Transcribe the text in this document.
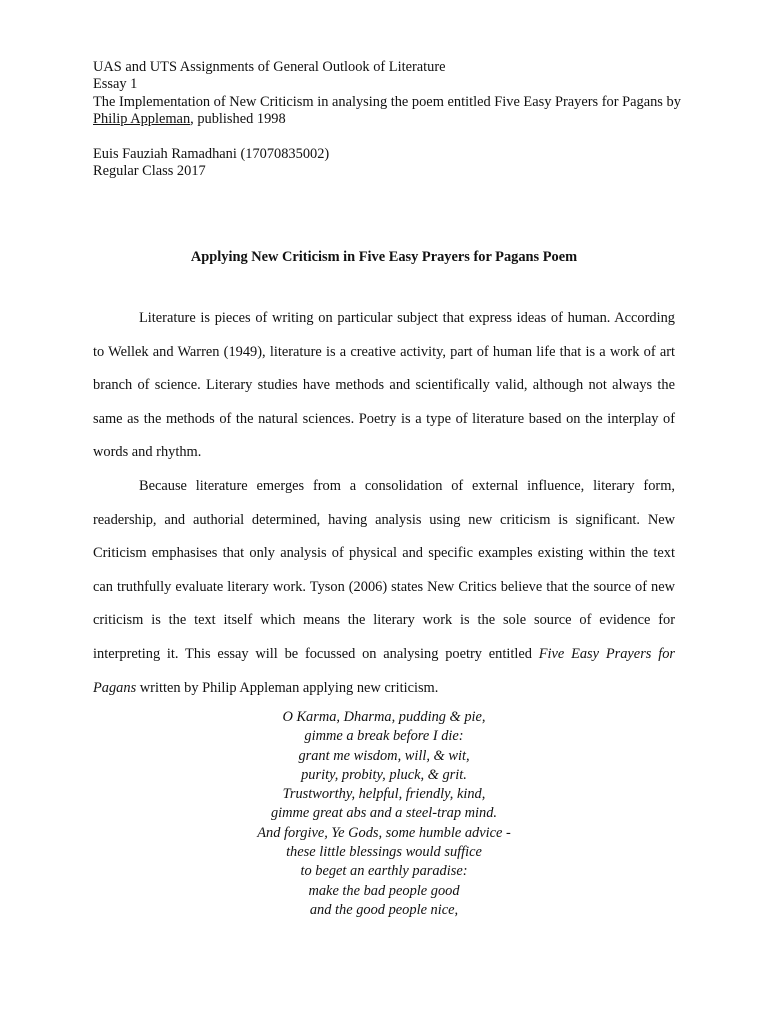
UAS and UTS Assignments of General Outlook of Literature

Essay 1

The Implementation of New Criticism in analysing the poem entitled Five Easy Prayers for Pagans by Philip Appleman, published 1998

Euis Fauziah Ramadhani (17070835002)

Regular Class 2017

Applying New Criticism in Five Easy Prayers for Pagans Poem

Literature is pieces of writing on particular subject that express ideas of human. According to Wellek and Warren (1949), literature is a creative activity, part of human life that is a work of art branch of science. Literary studies have methods and scientifically valid, although not always the same as the methods of the natural sciences. Poetry is a type of literature based on the interplay of words and rhythm.

Because literature emerges from a consolidation of external influence, literary form, readership, and authorial determined, having analysis using new criticism is significant. New Criticism emphasises that only analysis of physical and specific examples existing within the text can truthfully evaluate literary work. Tyson (2006) states New Critics believe that the source of new criticism is the text itself which means the literary work is the sole source of evidence for interpreting it. This essay will be focussed on analysing poetry entitled Five Easy Prayers for Pagans written by Philip Appleman applying new criticism.

O Karma, Dharma, pudding & pie,
gimme a break before I die:
grant me wisdom, will, & wit,
purity, probity, pluck, & grit.
Trustworthy, helpful, friendly, kind,
gimme great abs and a steel-trap mind.
And forgive, Ye Gods, some humble advice -
these little blessings would suffice
to beget an earthly paradise:
make the bad people good
and the good people nice,
